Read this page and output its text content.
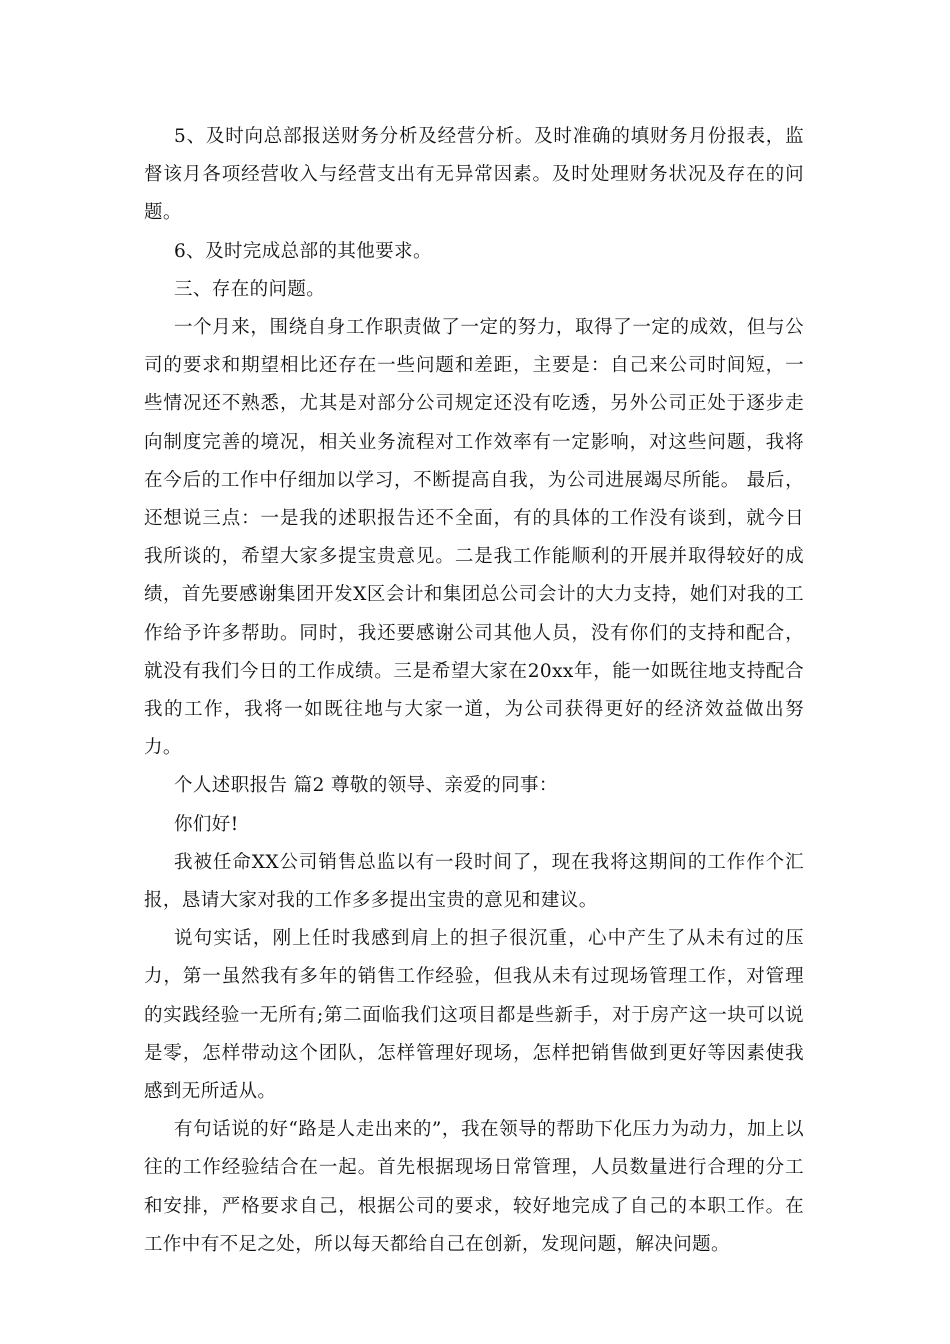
5、及时向总部报送财务分析及经营分析。及时准确的填财务月份报表，监督该月各项经营收入与经营支出有无异常因素。及时处理财务状况及存在的问题。

6、及时完成总部的其他要求。

三、存在的问题。

一个月来，围绕自身工作职责做了一定的努力，取得了一定的成效，但与公司的要求和期望相比还存在一些问题和差距，主要是：自己来公司时间短，一些情况还不熟悉，尤其是对部分公司规定还没有吃透，另外公司正处于逐步走向制度完善的境况，相关业务流程对工作效率有一定影响，对这些问题，我将在今后的工作中仔细加以学习，不断提高自我，为公司进展竭尽所能。 最后，还想说三点：一是我的述职报告还不全面，有的具体的工作没有谈到，就今日我所谈的，希望大家多提宝贵意见。二是我工作能顺利的开展并取得较好的成绩，首先要感谢集团开发X区会计和集团总公司会计的大力支持，她们对我的工作给予许多帮助。同时，我还要感谢公司其他人员，没有你们的支持和配合，就没有我们今日的工作成绩。三是希望大家在20xx年，能一如既往地支持配合我的工作，我将一如既往地与大家一道，为公司获得更好的经济效益做出努力。

个人述职报告 篇2 尊敬的领导、亲爱的同事：

你们好!

我被任命XX公司销售总监以有一段时间了，现在我将这期间的工作作个汇报，恳请大家对我的工作多多提出宝贵的意见和建议。

说句实话，刚上任时我感到肩上的担子很沉重，心中产生了从未有过的压力，第一虽然我有多年的销售工作经验，但我从未有过现场管理工作，对管理的实践经验一无所有;第二面临我们这项目都是些新手，对于房产这一块可以说是零，怎样带动这个团队，怎样管理好现场，怎样把销售做到更好等因素使我感到无所适从。

有句话说的好“路是人走出来的”，我在领导的帮助下化压力为动力，加上以往的工作经验结合在一起。首先根据现场日常管理，人员数量进行合理的分工和安排，严格要求自己，根据公司的要求，较好地完成了自己的本职工作。在工作中有不足之处，所以每天都给自己在创新，发现问题，解决问题。
